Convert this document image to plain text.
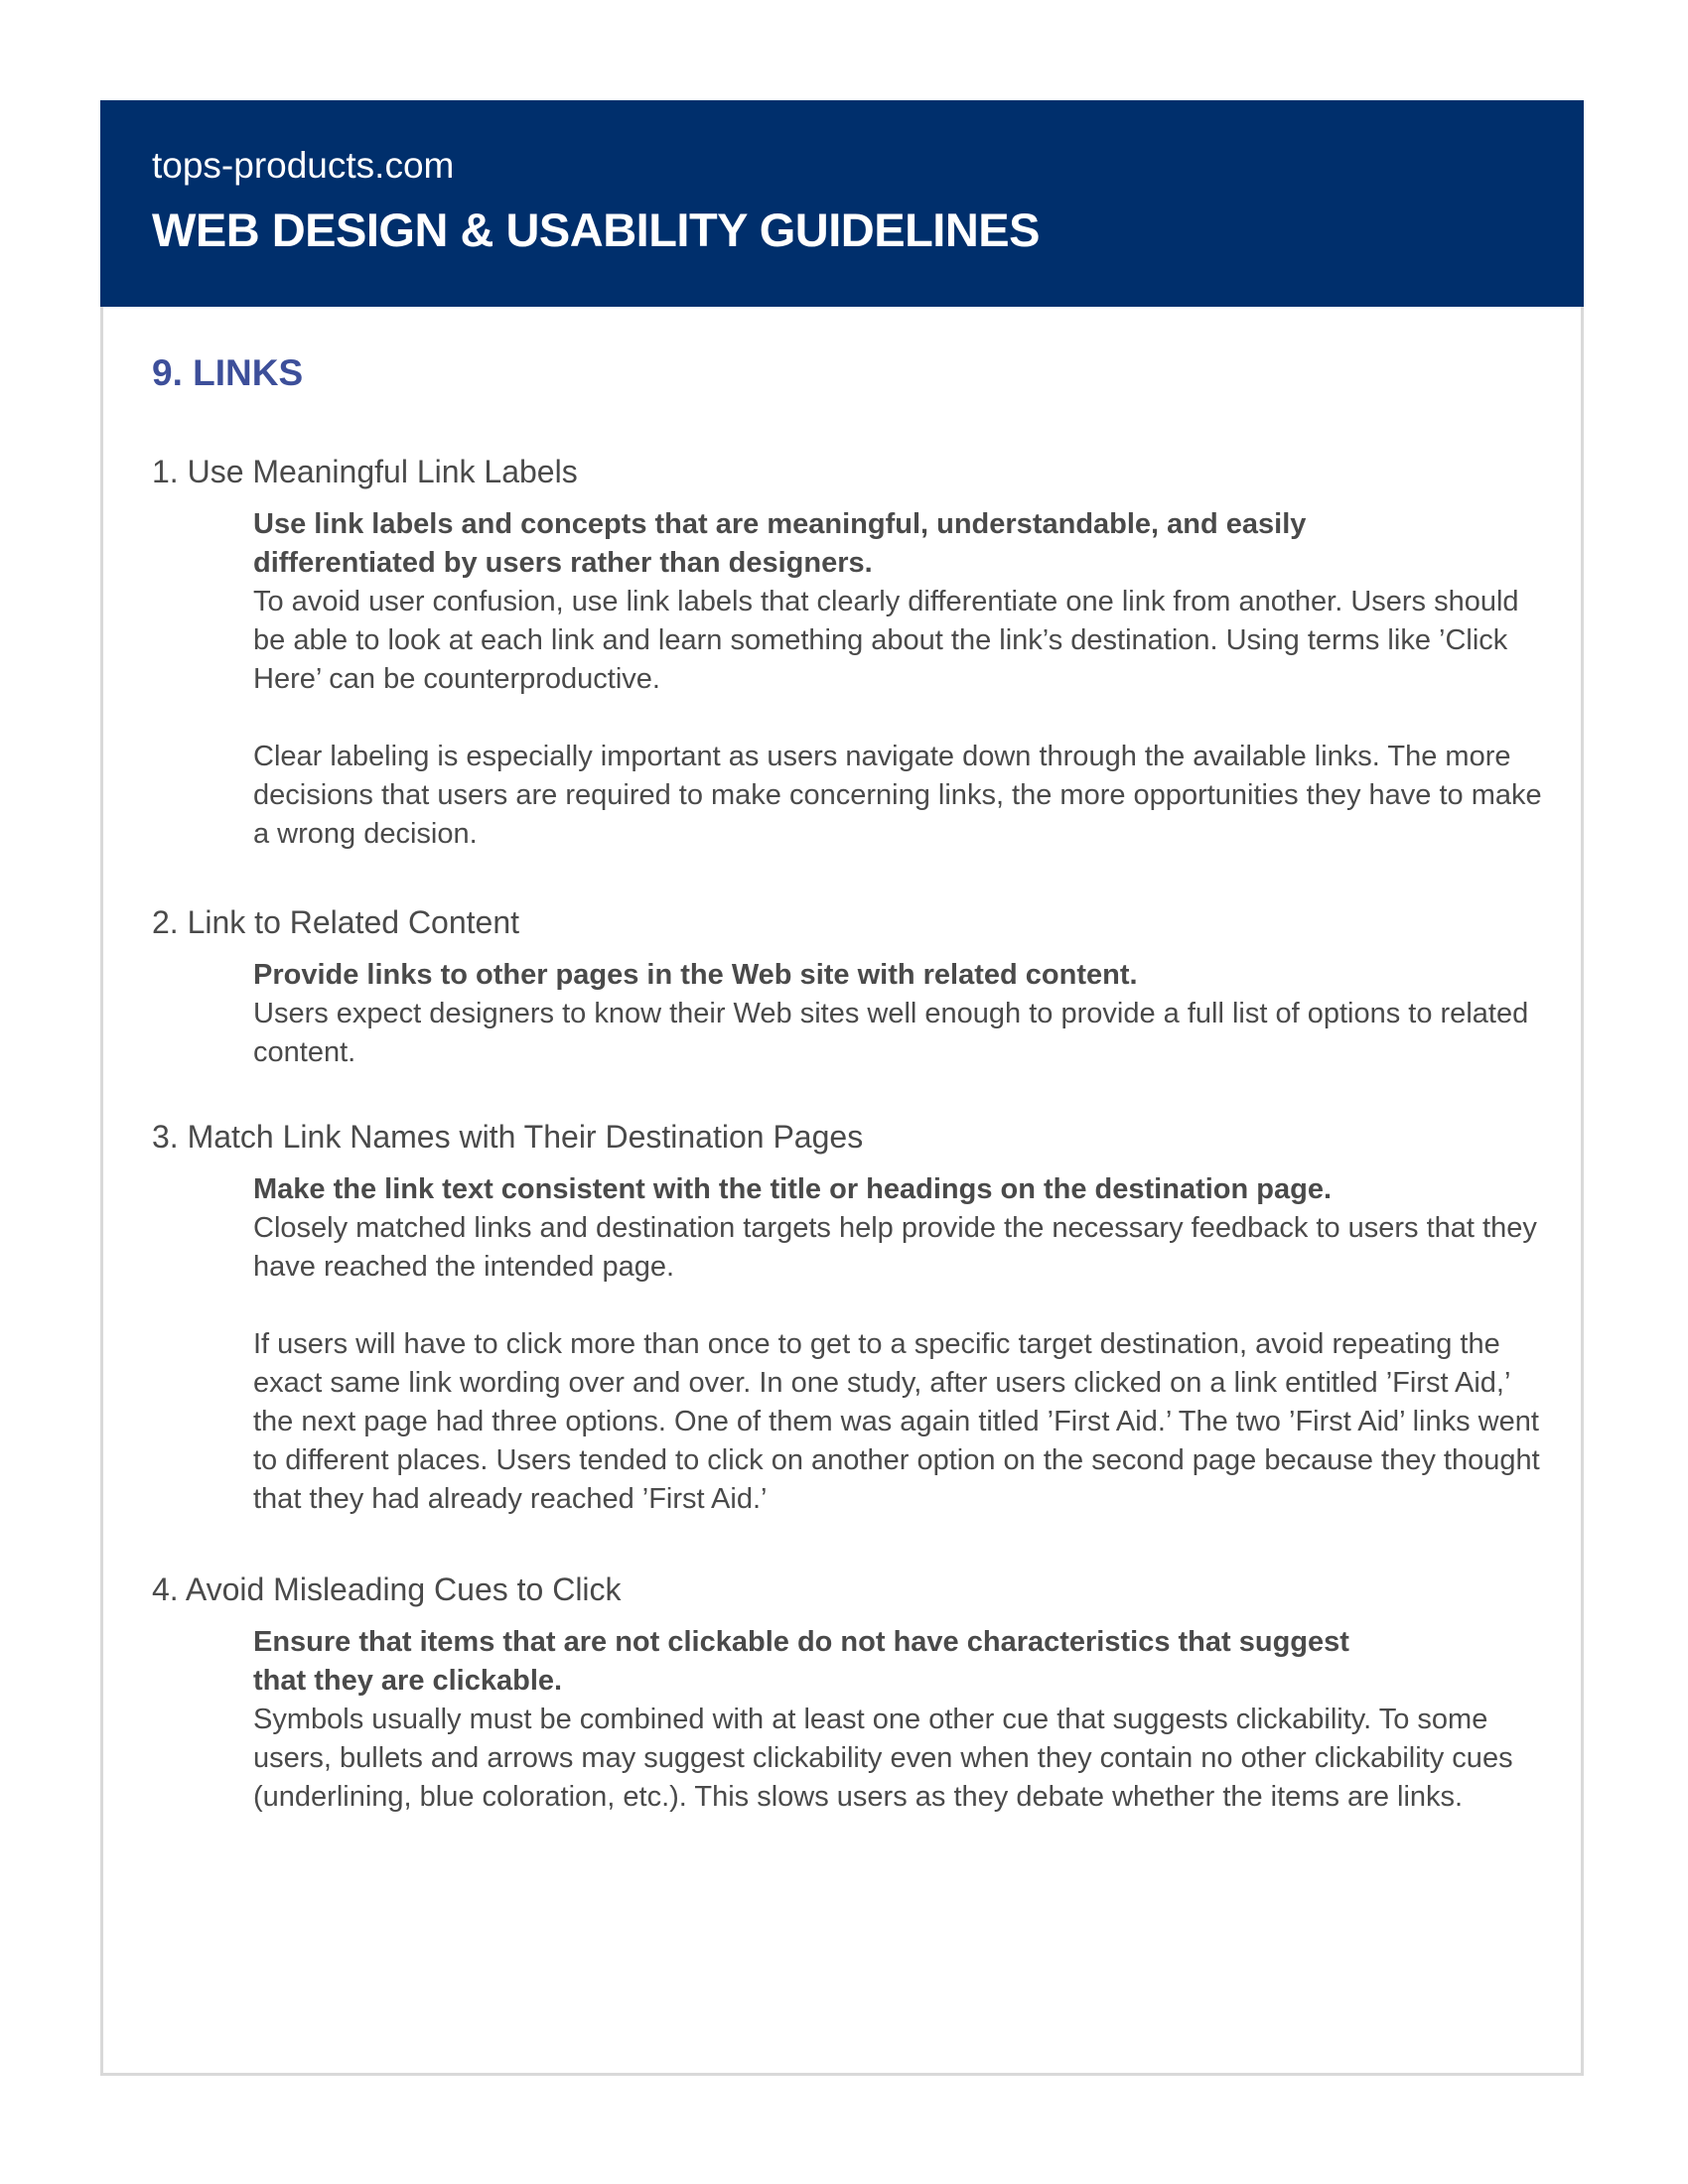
tops-products.com
WEB DESIGN & USABILITY GUIDELINES
9. LINKS
1. Use Meaningful Link Labels

Use link labels and concepts that are meaningful, understandable, and easily

differentiated by users rather than designers.

To avoid user confusion, use link labels that clearly differentiate one link from another. Users should be able to look at each link and learn something about the link’s destination. Using terms like ’Click Here’ can be counterproductive.

Clear labeling is especially important as users navigate down through the available links. The more decisions that users are required to make concerning links, the more opportunities they have to make a wrong decision.

2. Link to Related Content

Provide links to other pages in the Web site with related content.

Users expect designers to know their Web sites well enough to provide a full list of options to related content.

3. Match Link Names with Their Destination Pages

Make the link text consistent with the title or headings on the destination page.

Closely matched links and destination targets help provide the necessary feedback to users that they have reached the intended page.

If users will have to click more than once to get to a specific target destination, avoid repeating the exact same link wording over and over. In one study, after users clicked on a link entitled ’First Aid,’ the next page had three options. One of them was again titled ’First Aid.’ The two ’First Aid’ links went to different places. Users tended to click on another option on the second page because they thought that they had already reached ’First Aid.’

4. Avoid Misleading Cues to Click

Ensure that items that are not clickable do not have characteristics that suggest

that they are clickable.

Symbols usually must be combined with at least one other cue that suggests clickability. To some users, bullets and arrows may suggest clickability even when they contain no other clickability cues (underlining, blue coloration, etc.). This slows users as they debate whether the items are links.
